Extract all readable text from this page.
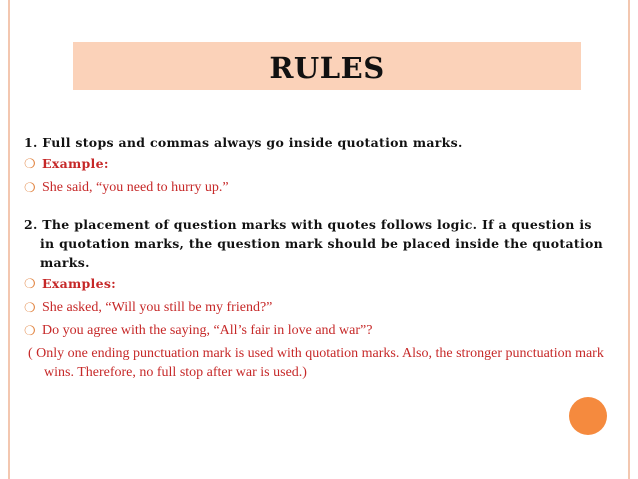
RULES
1. Full stops and commas always go inside quotation marks.
❍ Example:
❍ She said, “you need to hurry up.”
2. The placement of question marks with quotes follows logic. If a question is in quotation marks, the question mark should be placed inside the quotation marks.
❍ Examples:
❍ She asked, “Will you still be my friend?”
❍ Do you agree with the saying, “All’s fair in love and war”?
( Only one ending punctuation mark is used with quotation marks. Also, the stronger punctuation mark wins. Therefore, no full stop after war is used.)
